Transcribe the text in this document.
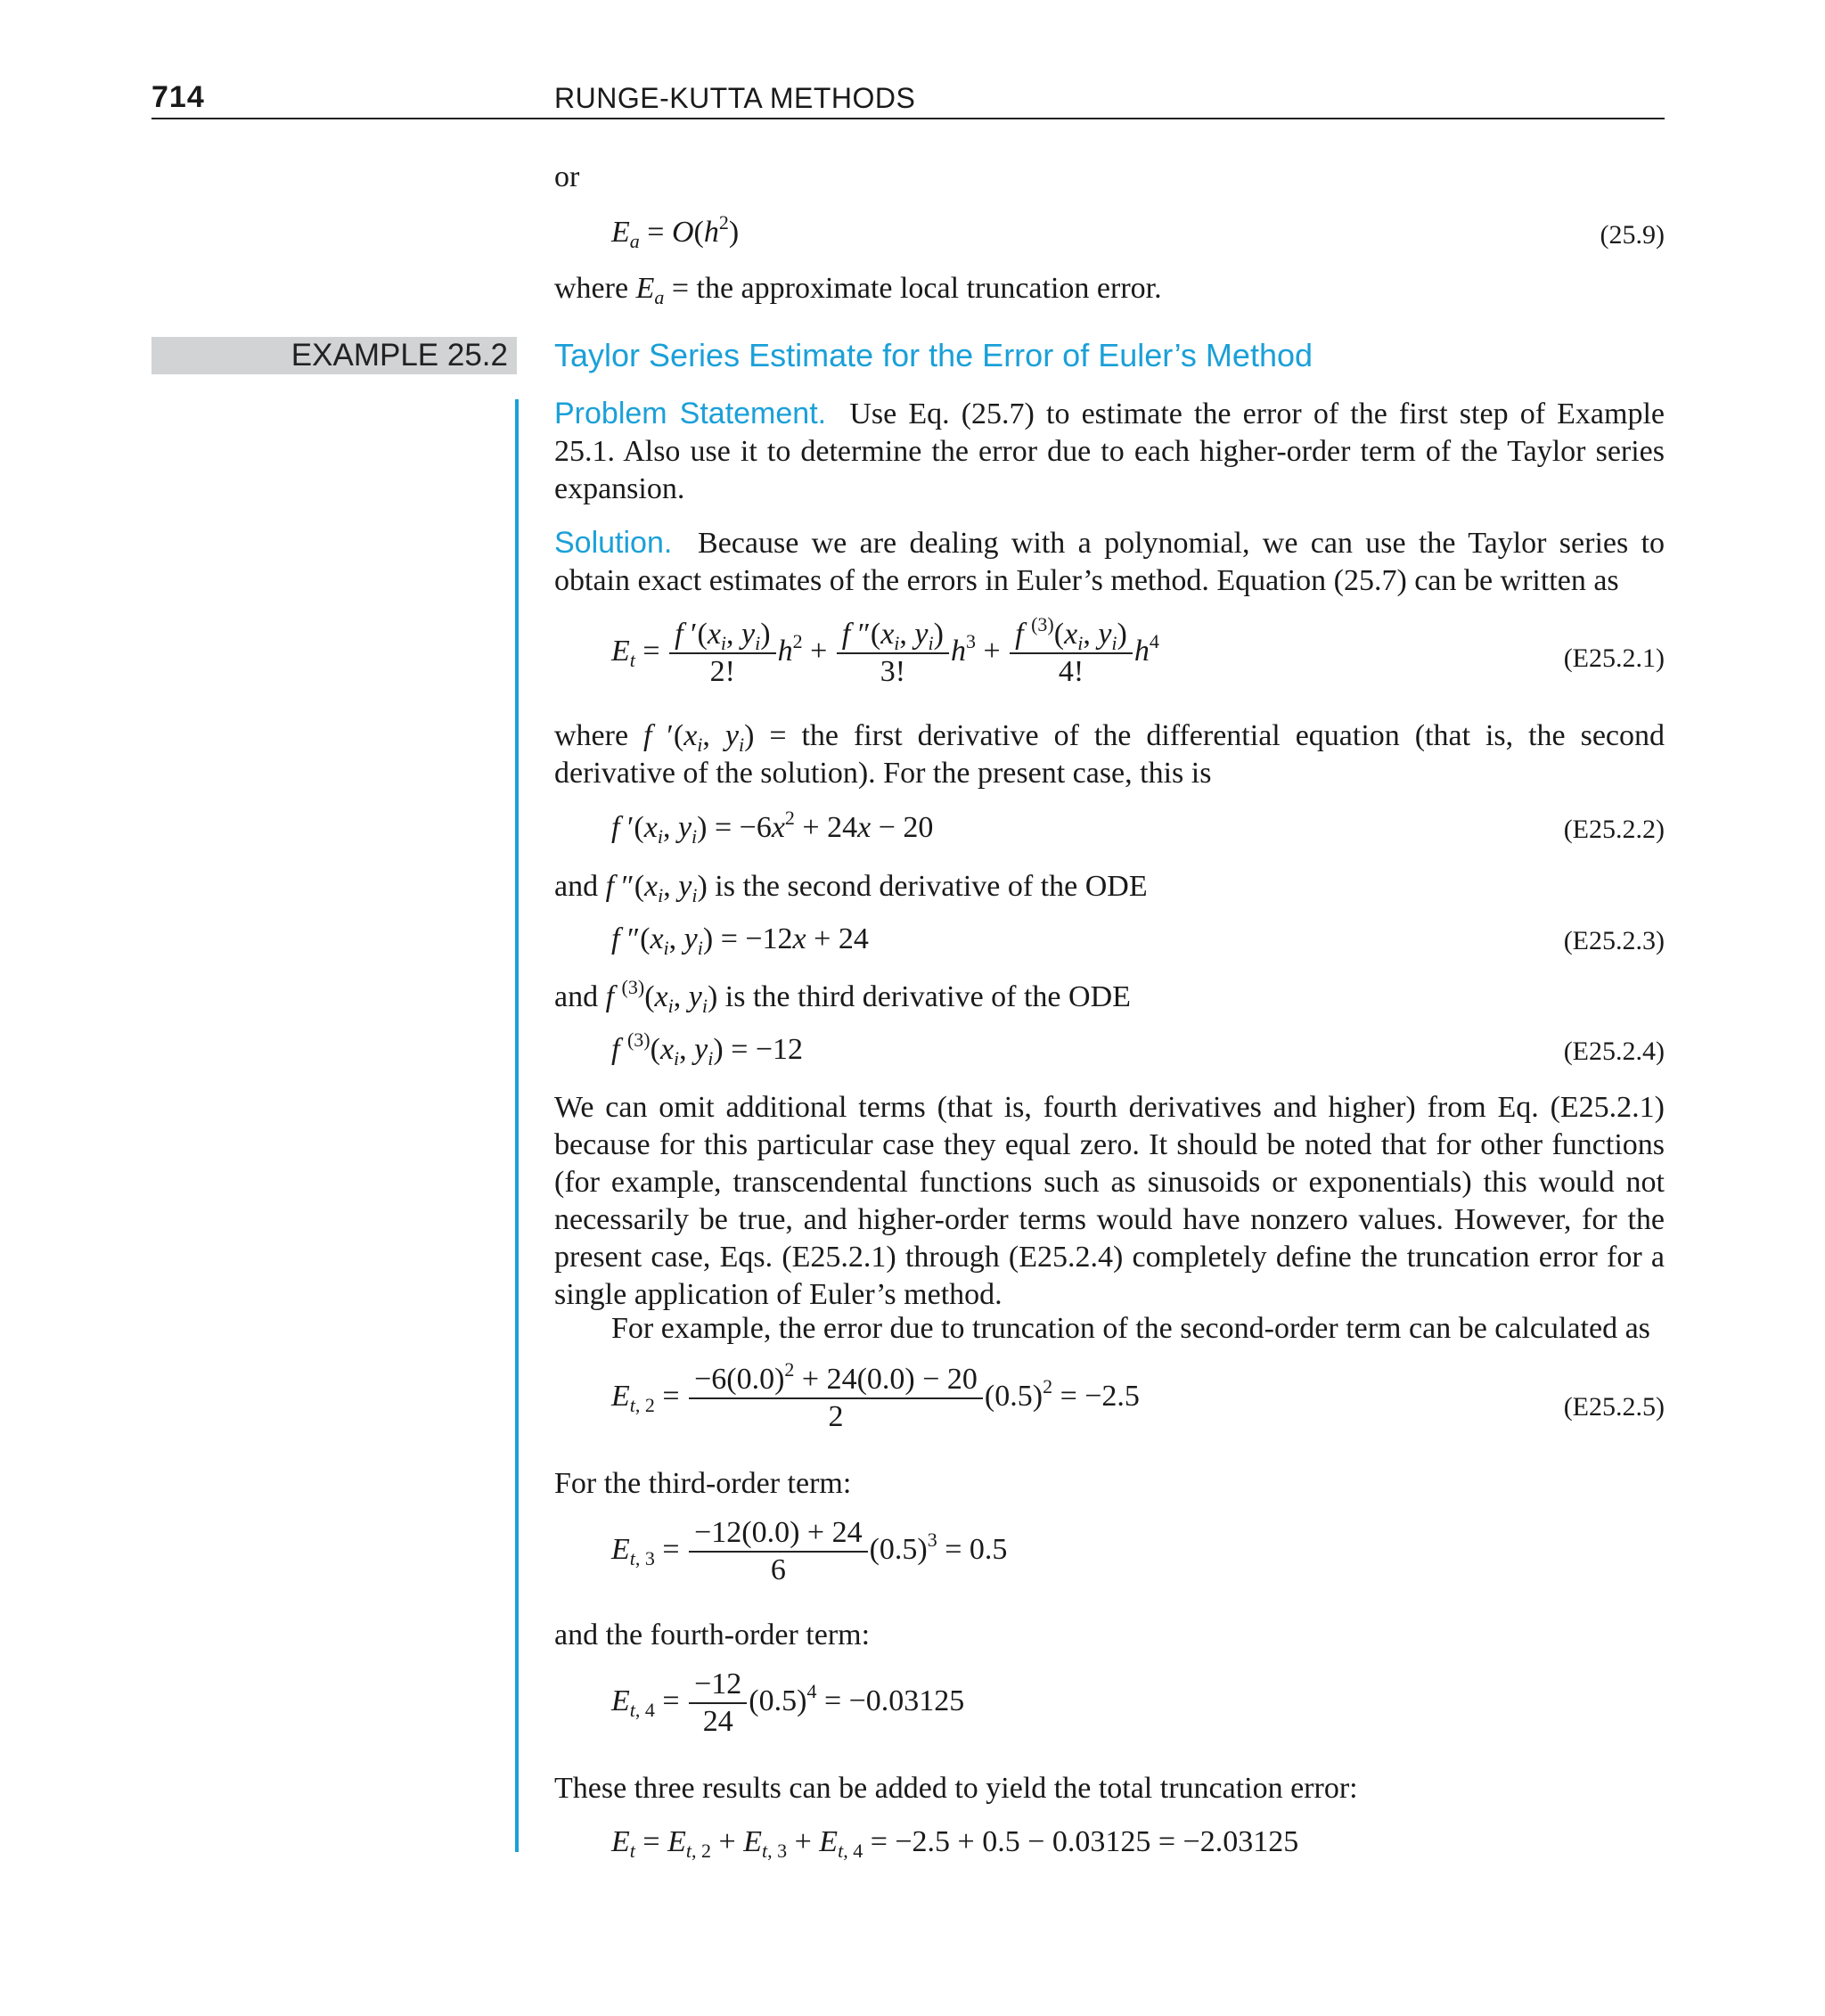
714	RUNGE-KUTTA METHODS
or
$E_a = O(h^2)$	(25.9)
where $E_a$ = the approximate local truncation error.
EXAMPLE 25.2 Taylor Series Estimate for the Error of Euler’s Method
Problem Statement. Use Eq. (25.7) to estimate the error of the first step of Example 25.1. Also use it to determine the error due to each higher-order term of the Taylor series expansion.
Solution. Because we are dealing with a polynomial, we can use the Taylor series to obtain exact estimates of the errors in Euler’s method. Equation (25.7) can be written as
$E_t = \frac{f '(x_i, y_i)}{2!} h^2 + \frac{f ''(x_i, y_i)}{3!} h^3 + \frac{f ^{(3)}(x_i, y_i)}{4!} h^4$
(E25.2.1)
where f $'(x_i$, $y_i$) = the first derivative of the differential equation (that is, the second derivative of the solution). For the present case, this is
f $'(x_i$, $y_i) = -6x^2 + 24x - 20$	(E25.2.2)
and f $''(x_i$, $y_i$) is the second derivative of the ODE
f $''(x_i$, $y_i) = -12x + 24$	(E25.2.3)
and f $^{(3)}(x_i$, $y_i$) is the third derivative of the ODE
f $^{(3)}(x_i$, $y_i) = -12$	(E25.2.4)
We can omit additional terms (that is, fourth derivatives and higher) from Eq. (E25.2.1) because for this particular case they equal zero. It should be noted that for other functions (for example, transcendental functions such as sinusoids or exponentials) this would not necessarily be true, and higher-order terms would have nonzero values. However, for the present case, Eqs. (E25.2.1) through (E25.2.4) completely define the truncation error for a single application of Euler’s method.
For example, the error due to truncation of the second-order term can be calculated as
$E_{t, 2} = \frac{-6(0.0)^2 + 24(0.0) - 20}{2} (0.5)^2 = -2.5$	(E25.2.5)
For the third-order term:
$E_{t, 3} = \frac{-12(0.0) + 24}{6} (0.5)^3 = 0.5$
and the fourth-order term:
$E_{t, 4} = \frac{-12}{24} (0.5)^4 = -0.03125$
These three results can be added to yield the total truncation error:
$E_t = E_{t, 2} + E_{t, 3} + E_{t, 4} = -2.5 + 0.5 - 0.03125 = -2.03125$
